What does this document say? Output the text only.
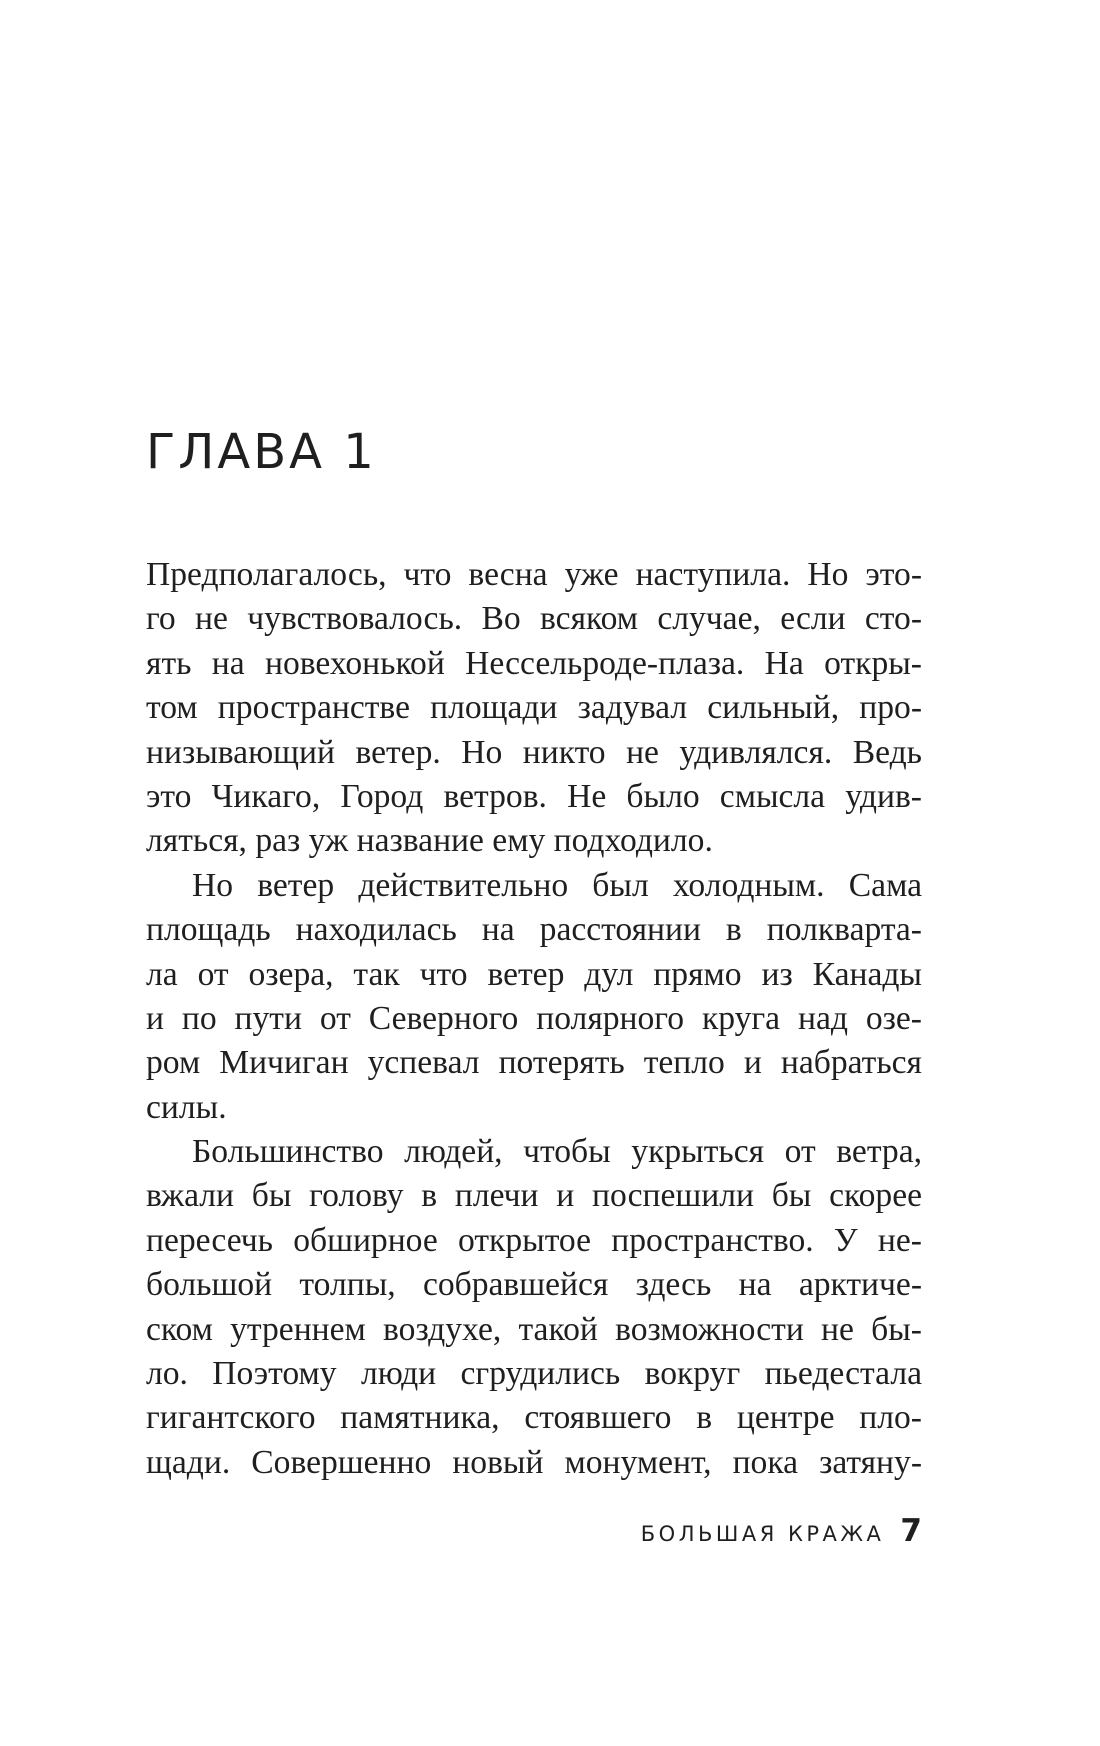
ГЛАВА 1
Предполагалось, что весна уже наступила. Но это-
го не чувствовалось. Во всяком случае, если сто-
ять на новехонькой Нессельроде-плаза. На откры-
том пространстве площади задувал сильный, про-
низывающий ветер. Но никто не удивлялся. Ведь
это Чикаго, Город ветров. Не было смысла удив-
ляться, раз уж название ему подходило.
Но ветер действительно был холодным. Сама
площадь находилась на расстоянии в полкварта-
ла от озера, так что ветер дул прямо из Канады
и по пути от Северного полярного круга над озе-
ром Мичиган успевал потерять тепло и набраться
силы.
Большинство людей, чтобы укрыться от ветра,
вжали бы голову в плечи и поспешили бы скорее
пересечь обширное открытое пространство. У не-
большой толпы, собравшейся здесь на арктиче-
ском утреннем воздухе, такой возможности не бы-
ло. Поэтому люди сгрудились вокруг пьедестала
гигантского памятника, стоявшего в центре пло-
щади. Совершенно новый монумент, пока затяну-
БОЛЬШАЯ КРАЖА 7
